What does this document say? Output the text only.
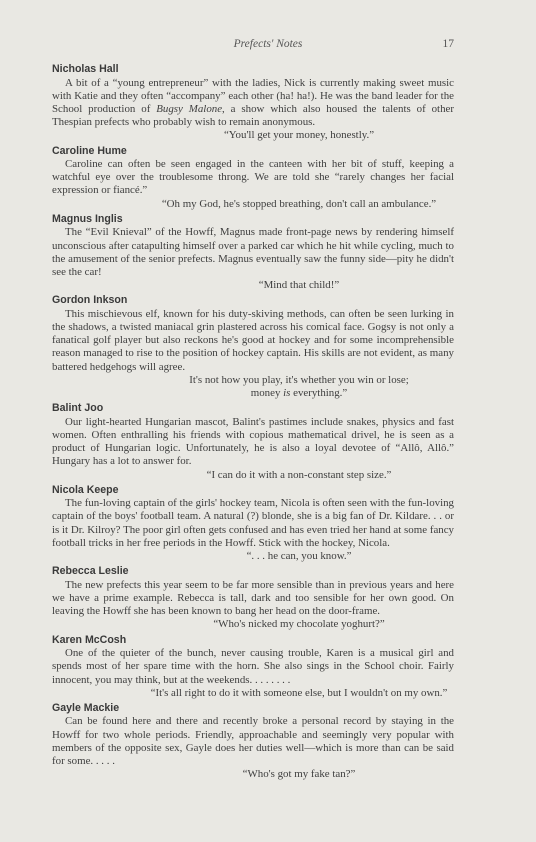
Prefects' Notes	17

Nicholas Hall

A bit of a “young entrepreneur” with the ladies, Nick is currently making sweet music with Katie and they often “accompany” each other (ha! ha!). He was the band leader for the School production of Bugsy Malone, a show which also housed the talents of other Thespian prefects who probably wish to remain anonymous.

“You'll get your money, honestly.”

Caroline Hume

Caroline can often be seen engaged in the canteen with her bit of stuff, keeping a watchful eye over the troublesome throng. We are told she “rarely changes her facial expression or fiancé.”

“Oh my God, he's stopped breathing, don't call an ambulance.”

Magnus Inglis

The “Evil Knieval” of the Howff, Magnus made front-page news by rendering himself unconscious after catapulting himself over a parked car which he hit while cycling, much to the amusement of the senior prefects. Magnus eventually saw the funny side—pity he didn't see the car!

“Mind that child!”

Gordon Inkson

This mischievous elf, known for his duty-skiving methods, can often be seen lurking in the shadows, a twisted maniacal grin plastered across his comical face. Gogsy is not only a fanatical golf player but also reckons he's good at hockey and for some incomprehensible reason managed to rise to the position of hockey captain. His skills are not evident, as many battered hedgehogs will agree.

It's not how you play, it's whether you win or lose;
money is everything.”

Balint Joo

Our light-hearted Hungarian mascot, Balint's pastimes include snakes, physics and fast women. Often enthralling his friends with copious mathematical drivel, he is seen as a product of Hungarian logic. Unfortunately, he is also a loyal devotee of “Allô, Allô.” Hungary has a lot to answer for.

“I can do it with a non-constant step size.”

Nicola Keepe

The fun-loving captain of the girls' hockey team, Nicola is often seen with the fun-loving captain of the boys' football team. A natural (?) blonde, she is a big fan of Dr. Kildare. . . or is it Dr. Kilroy? The poor girl often gets confused and has even tried her hand at some fancy football tricks in her free periods in the Howff. Stick with the hockey, Nicola.

“. . . he can, you know.”

Rebecca Leslie

The new prefects this year seem to be far more sensible than in previous years and here we have a prime example. Rebecca is tall, dark and too sensible for her own good. On leaving the Howff she has been known to bang her head on the door-frame.

“Who's nicked my chocolate yoghurt?”

Karen McCosh

One of the quieter of the bunch, never causing trouble, Karen is a musical girl and spends most of her spare time with the horn. She also sings in the School choir. Fairly innocent, you may think, but at the weekends. . . . . . . .

“It's all right to do it with someone else, but I wouldn't on my own.”

Gayle Mackie

Can be found here and there and recently broke a personal record by staying in the Howff for two whole periods. Friendly, approachable and seemingly very popular with members of the opposite sex, Gayle does her duties well—which is more than can be said for some. . . . .

“Who's got my fake tan?”
